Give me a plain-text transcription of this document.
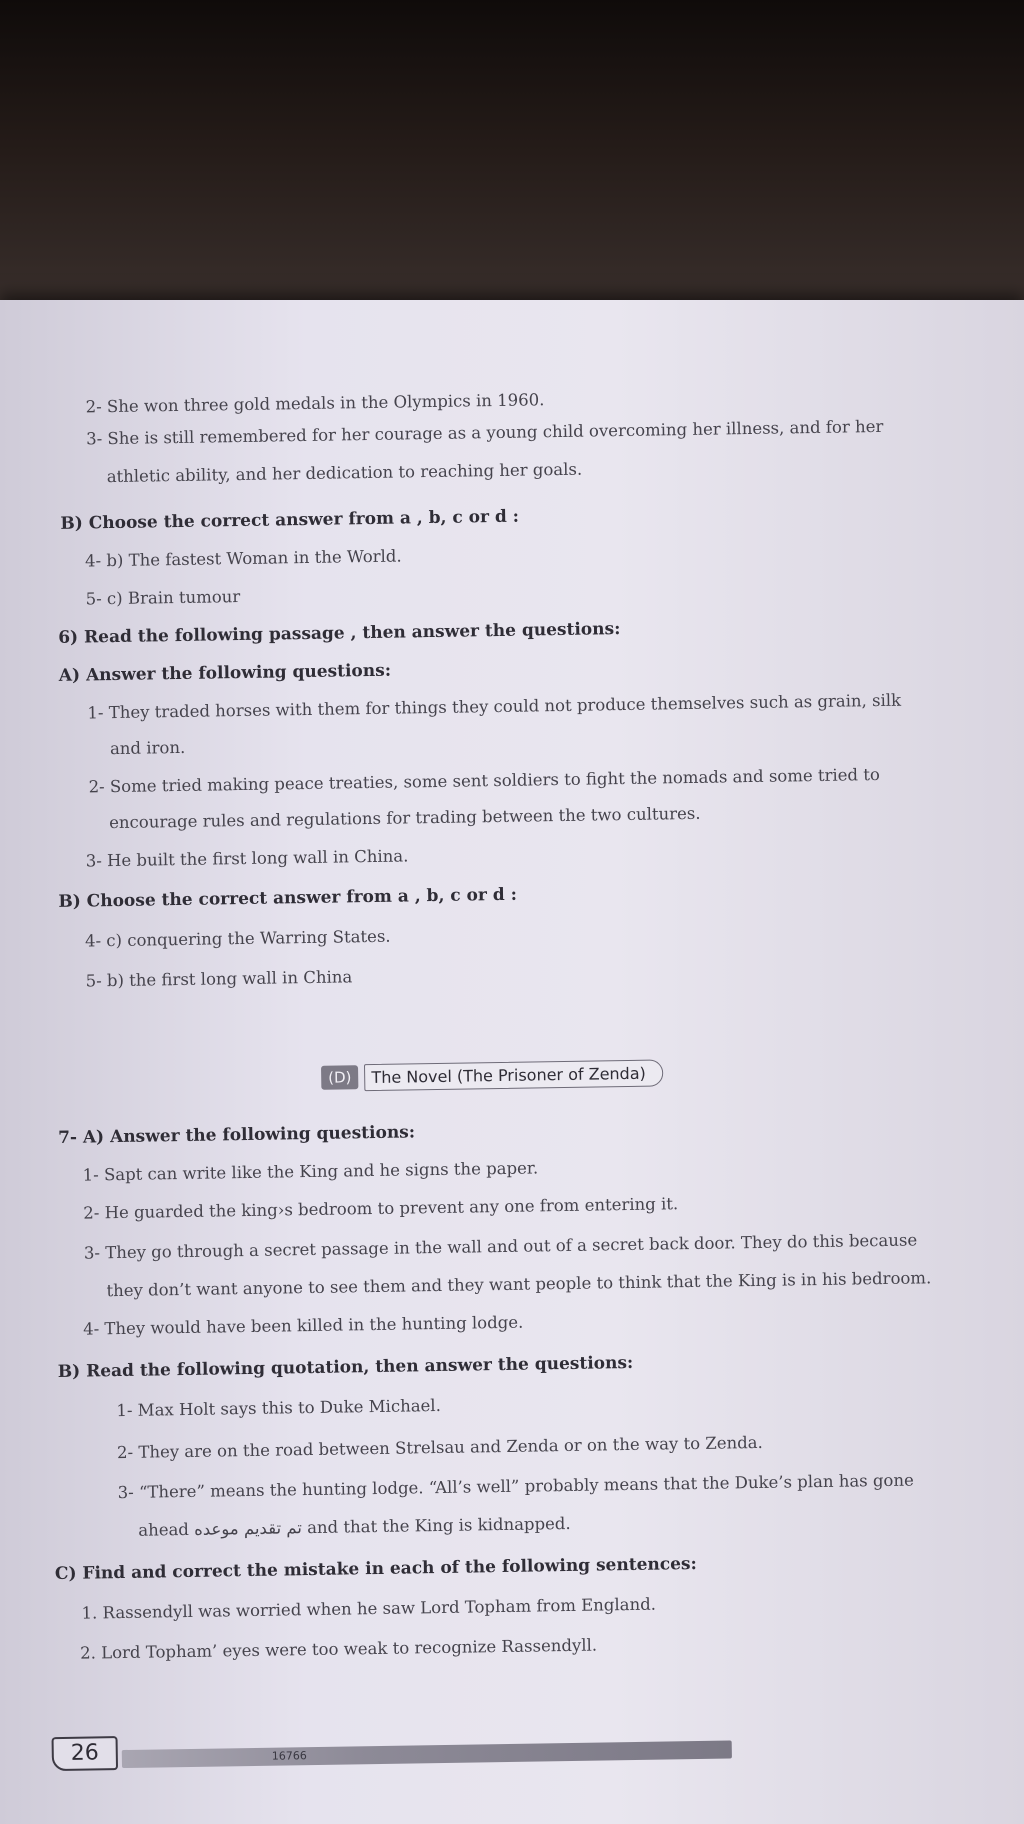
2- She won three gold medals in the Olympics in 1960.
3- She is still remembered for her courage as a young child overcoming her illness, and for her
athletic ability, and her dedication to reaching her goals.
B) Choose the correct answer from a , b, c or d :
4- b) The fastest Woman in the World.
5- c) Brain tumour
6) Read the following passage , then answer the questions:
A) Answer the following questions:
1- They traded horses with them for things they could not produce themselves such as grain, silk
and iron.
2- Some tried making peace treaties, some sent soldiers to fight the nomads and some tried to
encourage rules and regulations for trading between the two cultures.
3- He built the first long wall in China.
B) Choose the correct answer from a , b, c or d :
4- c) conquering the Warring States.
5- b) the first long wall in China
(D)	The Novel (The Prisoner of Zenda)
7- A) Answer the following questions:
1- Sapt can write like the King and he signs the paper.
2- He guarded the king›s bedroom to prevent any one from entering it.
3- They go through a secret passage in the wall and out of a secret back door. They do this because
they don’t want anyone to see them and they want people to think that the King is in his bedroom.
4- They would have been killed in the hunting lodge.
B) Read the following quotation, then answer the questions:
1- Max Holt says this to Duke Michael.
2- They are on the road between Strelsau and Zenda or on the way to Zenda.
3- “There” means the hunting lodge. “All’s well” probably means that the Duke’s plan has gone
ahead تم تقديم موعده and that the King is kidnapped.
C) Find and correct the mistake in each of the following sentences:
1. Rassendyll was worried when he saw Lord Topham from England.
2. Lord Topham’ eyes were too weak to recognize Rassendyll.
26	16766
